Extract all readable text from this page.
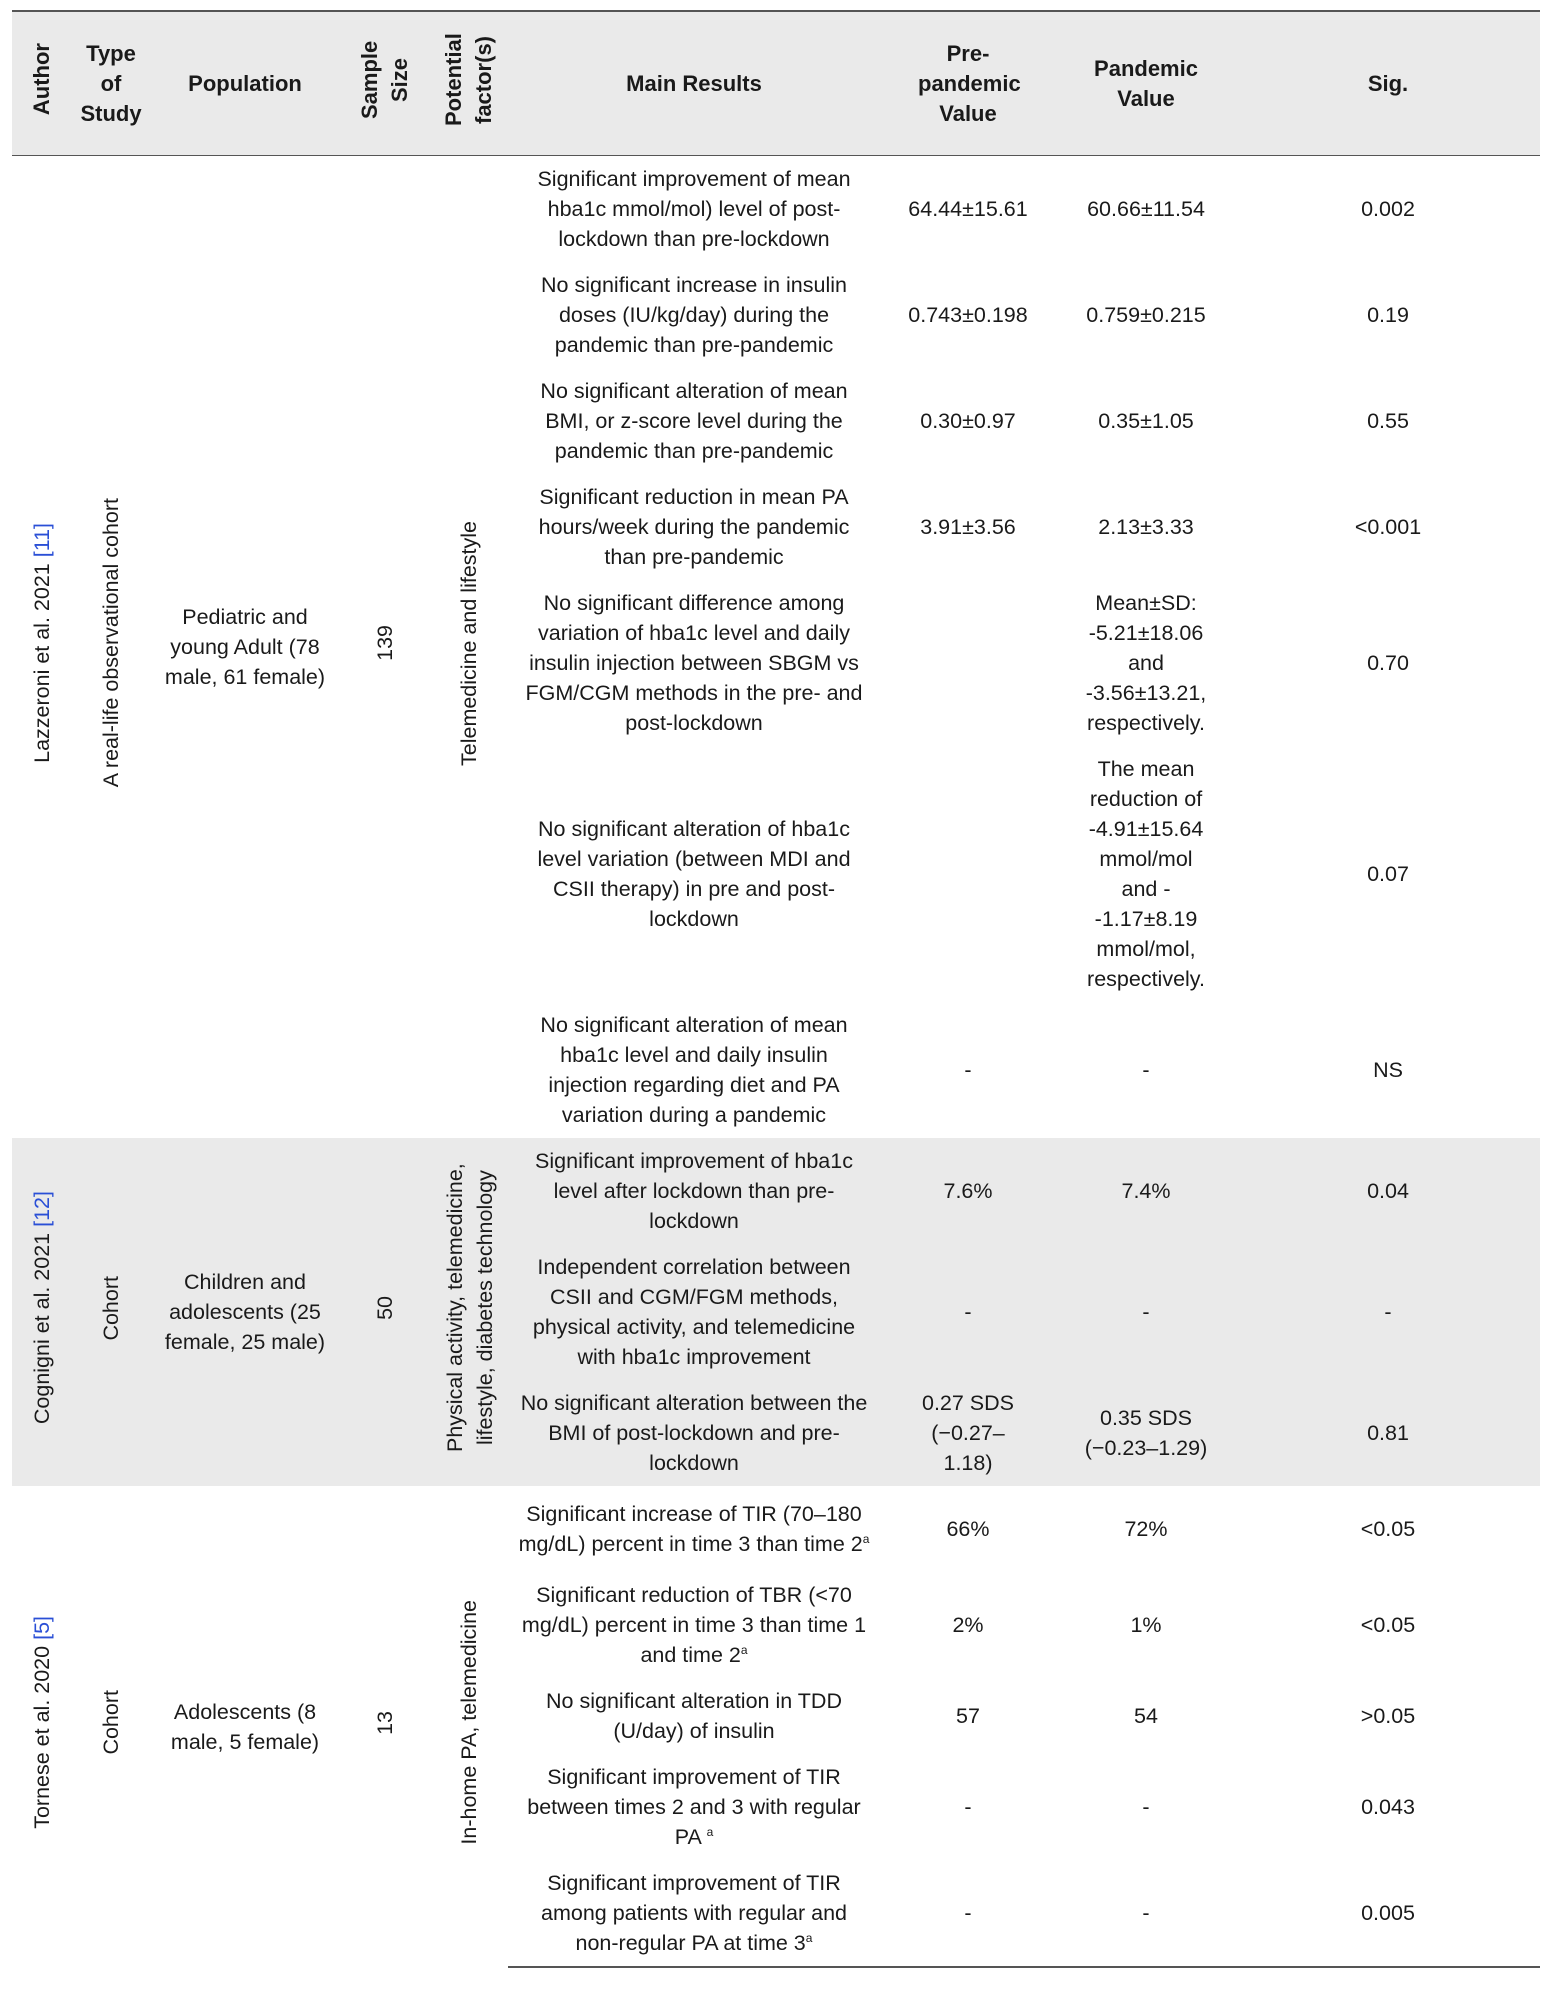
Author	Type of Study	Population	Sample Size	Potential factor(s)	Main Results	Pre-pandemic Value	Pandemic Value	Sig.
Lazzeroni et al. 2021 [11]	A real-life observational cohort	Pediatric and young Adult (78 male, 61 female)	139	Telemedicine and lifestyle	Significant improvement of mean hba1c mmol/mol) level of post-lockdown than pre-lockdown	64.44±15.61	60.66±11.54	0.002
					No significant increase in insulin doses (IU/kg/day) during the pandemic than pre-pandemic	0.743±0.198	0.759±0.215	0.19
					No significant alteration of mean BMI, or z-score level during the pandemic than pre-pandemic	0.30±0.97	0.35±1.05	0.55
					Significant reduction in mean PA hours/week during the pandemic than pre-pandemic	3.91±3.56	2.13±3.33	<0.001
					No significant difference among variation of hba1c level and daily insulin injection between SBGM vs FGM/CGM methods in the pre- and post-lockdown		Mean±SD: -5.21±18.06 and -3.56±13.21, respectively.	0.70
					No significant alteration of hba1c level variation (between MDI and CSII therapy) in pre and post-lockdown		The mean reduction of -4.91±15.64 mmol/mol and --1.17±8.19 mmol/mol, respectively.	0.07
					No significant alteration of mean hba1c level and daily insulin injection regarding diet and PA variation during a pandemic	-	-	NS
Cognigni et al. 2021 [12]	Cohort	Children and adolescents (25 female, 25 male)	50	Physical activity, telemedicine, lifestyle, diabetes technology	Significant improvement of hba1c level after lockdown than pre-lockdown	7.6%	7.4%	0.04
					Independent correlation between CSII and CGM/FGM methods, physical activity, and telemedicine with hba1c improvement	-	-	-
					No significant alteration between the BMI of post-lockdown and pre-lockdown	0.27 SDS (−0.27–1.18)	0.35 SDS (−0.23–1.29)	0.81
Tornese et al. 2020 [5]	Cohort	Adolescents (8 male, 5 female)	13	In-home PA, telemedicine	Significant increase of TIR (70–180 mg/dL) percent in time 3 than time 2$^a$	66%	72%	<0.05
					Significant reduction of TBR (<70 mg/dL) percent in time 3 than time 1 and time 2$^a$	2%	1%	<0.05
					No significant alteration in TDD (U/day) of insulin	57	54	>0.05
					Significant improvement of TIR between times 2 and 3 with regular PA $^a$	-	-	0.043
					Significant improvement of TIR among patients with regular and non-regular PA at time 3$^a$	-	-	0.005
